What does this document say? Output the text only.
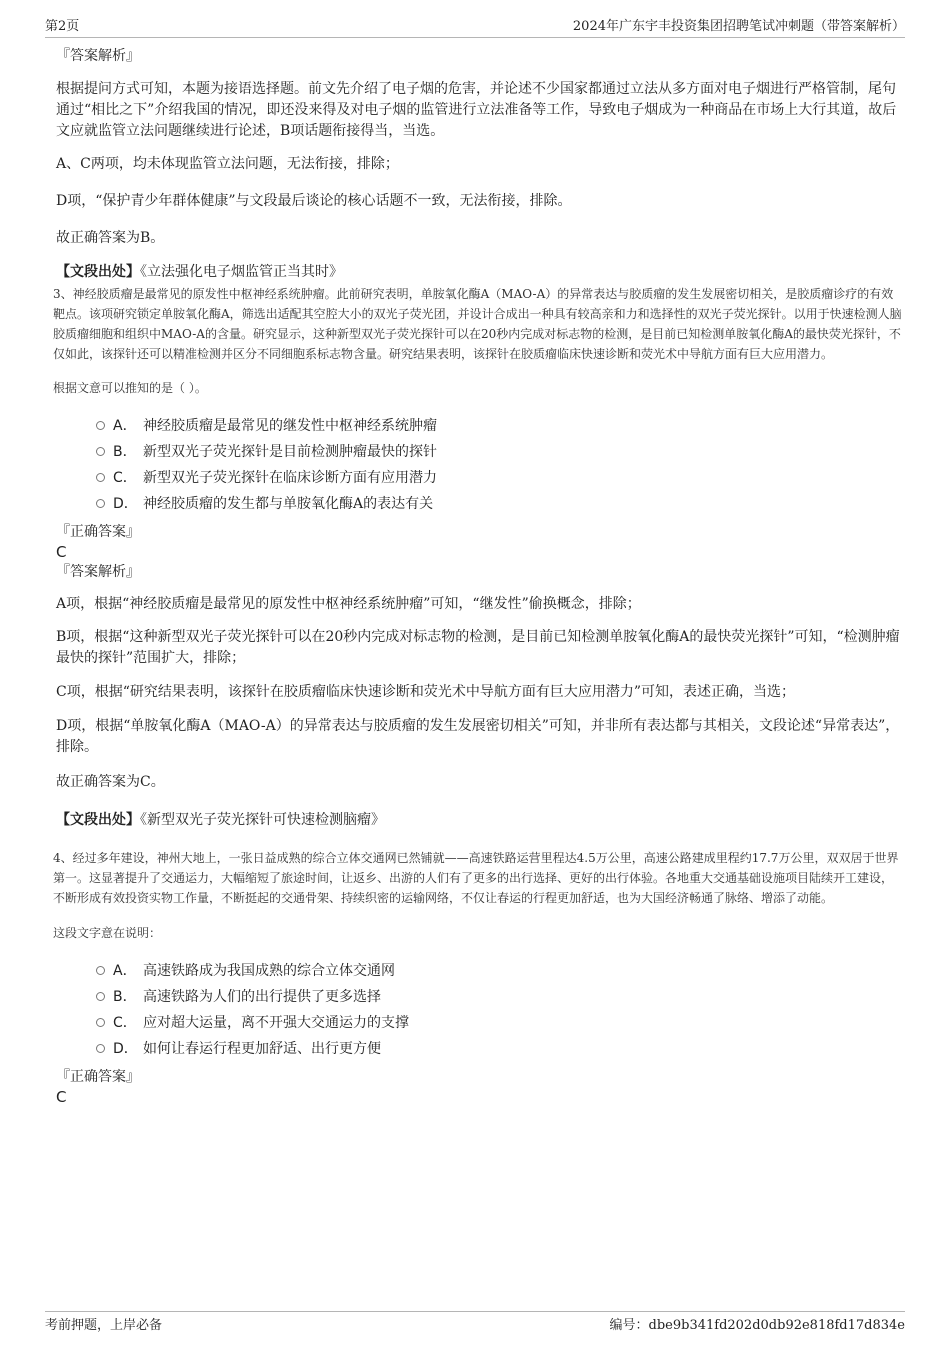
第2页	2024年广东宇丰投资集团招聘笔试冲刺题（带答案解析）

『答案解析』

根据提问方式可知，本题为接语选择题。前文先介绍了电子烟的危害，并论述不少国家都通过立法从多方面对电子烟进行严格管制，尾句通过“相比之下”介绍我国的情况，即还没来得及对电子烟的监管进行立法准备等工作，导致电子烟成为一种商品在市场上大行其道，故后文应就监管立法问题继续进行论述，B项话题衔接得当，当选。

A、C两项，均未体现监管立法问题，无法衔接，排除；

D项，“保护青少年群体健康”与文段最后谈论的核心话题不一致，无法衔接，排除。

故正确答案为B。

【文段出处】《立法强化电子烟监管正当其时》

3、神经胶质瘤是最常见的原发性中枢神经系统肿瘤。此前研究表明，单胺氧化酶A（MAO-A）的异常表达与胶质瘤的发生发展密切相关，是胶质瘤诊疗的有效靶点。该项研究锁定单胺氧化酶A，筛选出适配其空腔大小的双光子荧光团，并设计合成出一种具有较高亲和力和选择性的双光子荧光探针。以用于快速检测人脑胶质瘤细胞和组织中MAO-A的含量。研究显示，这种新型双光子荧光探针可以在20秒内完成对标志物的检测，是目前已知检测单胺氧化酶A的最快荧光探针，不仅如此，该探针还可以精准检测并区分不同细胞系标志物含量。研究结果表明，该探针在胶质瘤临床快速诊断和荧光术中导航方面有巨大应用潜力。

根据文意可以推知的是（ ）。

A． 神经胶质瘤是最常见的继发性中枢神经系统肿瘤
B． 新型双光子荧光探针是目前检测肿瘤最快的探针
C． 新型双光子荧光探针在临床诊断方面有应用潜力
D． 神经胶质瘤的发生都与单胺氧化酶A的表达有关

『正确答案』

C

『答案解析』

A项，根据“神经胶质瘤是最常见的原发性中枢神经系统肿瘤”可知，“继发性”偷换概念，排除；

B项，根据“这种新型双光子荧光探针可以在20秒内完成对标志物的检测，是目前已知检测单胺氧化酶A的最快荧光探针”可知，“检测肿瘤最快的探针”范围扩大，排除；

C项，根据“研究结果表明，该探针在胶质瘤临床快速诊断和荧光术中导航方面有巨大应用潜力”可知，表述正确，当选；

D项，根据“单胺氧化酶A（MAO-A）的异常表达与胶质瘤的发生发展密切相关”可知，并非所有表达都与其相关，文段论述“异常表达”，排除。

故正确答案为C。

【文段出处】《新型双光子荧光探针可快速检测脑瘤》

4、经过多年建设，神州大地上，一张日益成熟的综合立体交通网已然铺就——高速铁路运营里程达4.5万公里，高速公路建成里程约17.7万公里，双双居于世界第一。这显著提升了交通运力，大幅缩短了旅途时间，让返乡、出游的人们有了更多的出行选择、更好的出行体验。各地重大交通基础设施项目陆续开工建设，不断形成有效投资实物工作量，不断挺起的交通骨架、持续织密的运输网络，不仅让春运的行程更加舒适，也为大国经济畅通了脉络、增添了动能。

这段文字意在说明：

A． 高速铁路成为我国成熟的综合立体交通网
B． 高速铁路为人们的出行提供了更多选择
C． 应对超大运量，离不开强大交通运力的支撑
D． 如何让春运行程更加舒适、出行更方便

『正确答案』

C

考前押题，上岸必备	编号：dbe9b341fd202d0db92e818fd17d834e
